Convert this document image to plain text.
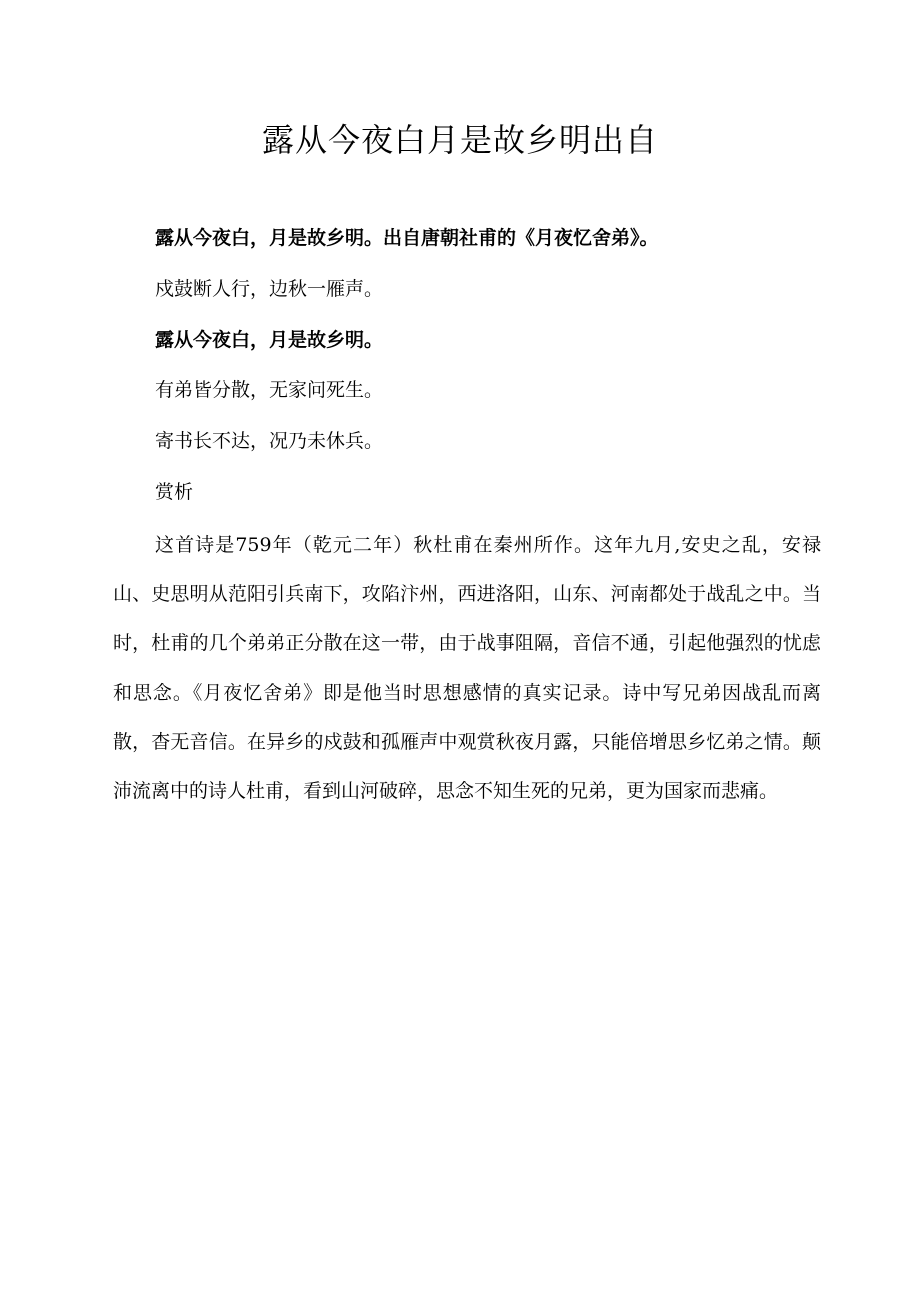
露从今夜白月是故乡明出自

露从今夜白，月是故乡明。出自唐朝社甫的《月夜忆舍弟》。

戍鼓断人行，边秋一雁声。

露从今夜白，月是故乡明。

有弟皆分散，无家问死生。

寄书长不达，况乃未休兵。

赏析

这首诗是759年（乾元二年）秋杜甫在秦州所作。这年九月,安史之乱，安禄山、史思明从范阳引兵南下，攻陷汴州，西进洛阳，山东、河南都处于战乱之中。当时，杜甫的几个弟弟正分散在这一带，由于战事阻隔，音信不通，引起他强烈的忧虑和思念。《月夜忆舍弟》即是他当时思想感情的真实记录。诗中写兄弟因战乱而离散，杳无音信。在异乡的戍鼓和孤雁声中观赏秋夜月露，只能倍增思乡忆弟之情。颠沛流离中的诗人杜甫，看到山河破碎，思念不知生死的兄弟，更为国家而悲痛。
